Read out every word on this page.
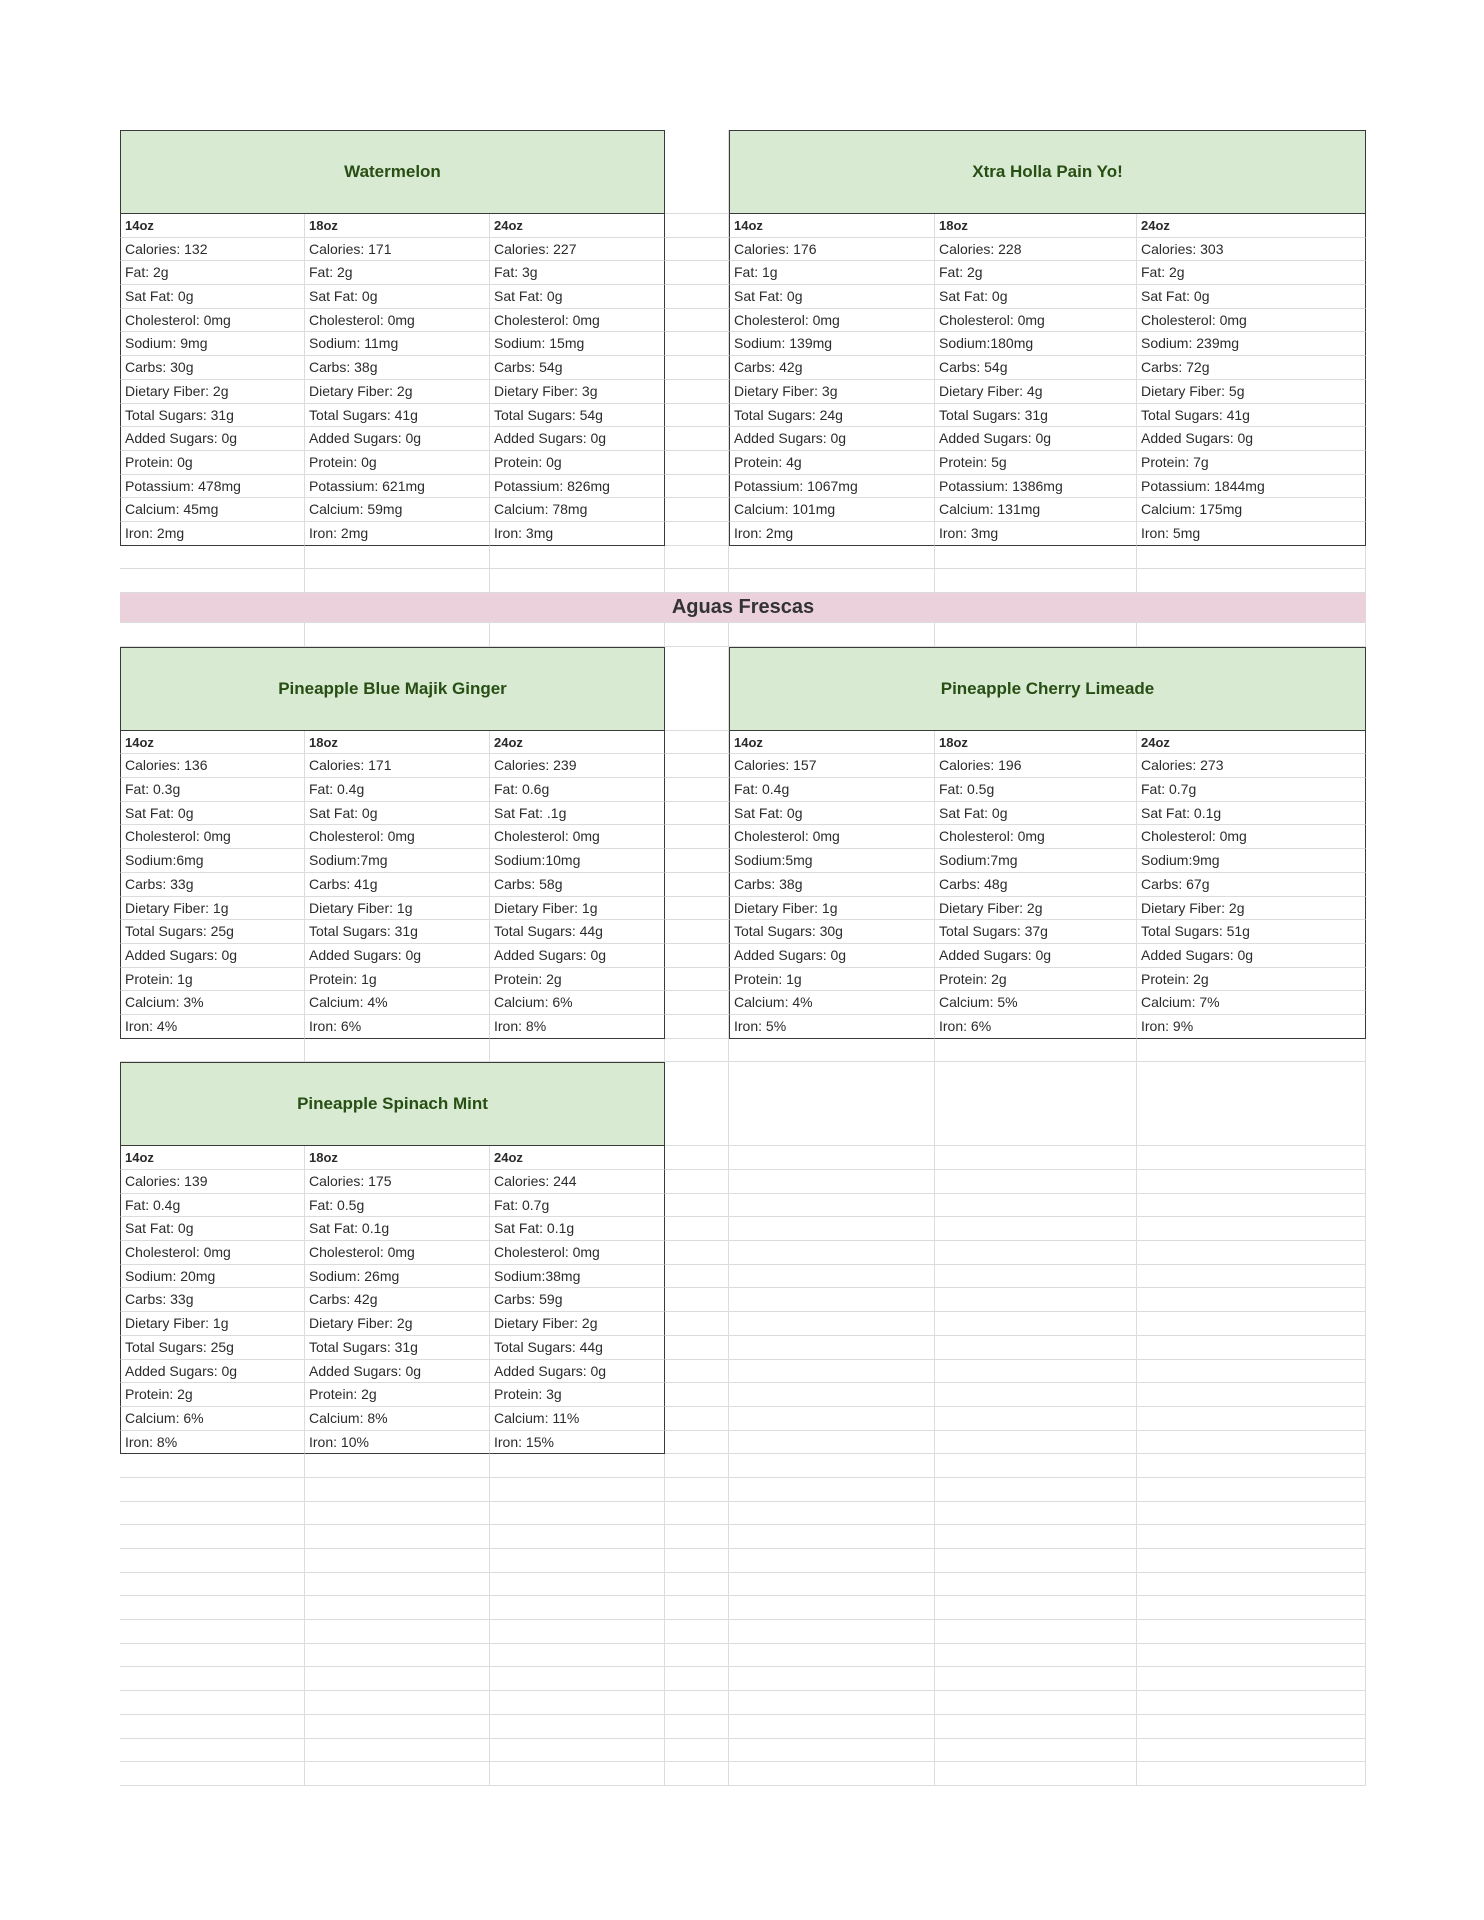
Watermelon	Xtra Holla Pain Yo!
14oz	18oz	24oz	14oz	18oz	24oz
Calories: 132	Calories: 171	Calories: 227	Calories: 176	Calories: 228	Calories: 303
Fat: 2g	Fat: 2g	Fat: 3g	Fat: 1g	Fat: 2g	Fat: 2g
Sat Fat: 0g	Sat Fat: 0g	Sat Fat: 0g	Sat Fat: 0g	Sat Fat: 0g	Sat Fat: 0g
Cholesterol: 0mg	Cholesterol: 0mg	Cholesterol: 0mg	Cholesterol: 0mg	Cholesterol: 0mg	Cholesterol: 0mg
Sodium: 9mg	Sodium: 11mg	Sodium: 15mg	Sodium: 139mg	Sodium:180mg	Sodium: 239mg
Carbs: 30g	Carbs: 38g	Carbs: 54g	Carbs: 42g	Carbs: 54g	Carbs: 72g
Dietary Fiber: 2g	Dietary Fiber: 2g	Dietary Fiber: 3g	Dietary Fiber: 3g	Dietary Fiber: 4g	Dietary Fiber: 5g
Total Sugars: 31g	Total Sugars: 41g	Total Sugars: 54g	Total Sugars: 24g	Total Sugars: 31g	Total Sugars: 41g
Added Sugars: 0g	Added Sugars: 0g	Added Sugars: 0g	Added Sugars: 0g	Added Sugars: 0g	Added Sugars: 0g
Protein: 0g	Protein: 0g	Protein: 0g	Protein: 4g	Protein: 5g	Protein: 7g
Potassium: 478mg	Potassium: 621mg	Potassium: 826mg	Potassium: 1067mg	Potassium: 1386mg	Potassium: 1844mg
Calcium: 45mg	Calcium: 59mg	Calcium: 78mg	Calcium: 101mg	Calcium: 131mg	Calcium: 175mg
Iron: 2mg	Iron: 2mg	Iron: 3mg	Iron: 2mg	Iron: 3mg	Iron: 5mg
Aguas Frescas
Pineapple Blue Majik Ginger	Pineapple Cherry Limeade
14oz	18oz	24oz	14oz	18oz	24oz
Calories: 136	Calories: 171	Calories: 239	Calories: 157	Calories: 196	Calories: 273
Fat: 0.3g	Fat: 0.4g	Fat: 0.6g	Fat: 0.4g	Fat: 0.5g	Fat: 0.7g
Sat Fat: 0g	Sat Fat: 0g	Sat Fat: .1g	Sat Fat: 0g	Sat Fat: 0g	Sat Fat: 0.1g
Cholesterol: 0mg	Cholesterol: 0mg	Cholesterol: 0mg	Cholesterol: 0mg	Cholesterol: 0mg	Cholesterol: 0mg
Sodium:6mg	Sodium:7mg	Sodium:10mg	Sodium:5mg	Sodium:7mg	Sodium:9mg
Carbs: 33g	Carbs: 41g	Carbs: 58g	Carbs: 38g	Carbs: 48g	Carbs: 67g
Dietary Fiber: 1g	Dietary Fiber: 1g	Dietary Fiber: 1g	Dietary Fiber: 1g	Dietary Fiber: 2g	Dietary Fiber: 2g
Total Sugars: 25g	Total Sugars: 31g	Total Sugars: 44g	Total Sugars: 30g	Total Sugars: 37g	Total Sugars: 51g
Added Sugars: 0g	Added Sugars: 0g	Added Sugars: 0g	Added Sugars: 0g	Added Sugars: 0g	Added Sugars: 0g
Protein: 1g	Protein: 1g	Protein: 2g	Protein: 1g	Protein: 2g	Protein: 2g
Calcium: 3%	Calcium: 4%	Calcium: 6%	Calcium: 4%	Calcium: 5%	Calcium: 7%
Iron: 4%	Iron: 6%	Iron: 8%	Iron: 5%	Iron: 6%	Iron: 9%
Pineapple Spinach Mint
14oz	18oz	24oz
Calories: 139	Calories: 175	Calories: 244
Fat: 0.4g	Fat: 0.5g	Fat: 0.7g
Sat Fat: 0g	Sat Fat: 0.1g	Sat Fat: 0.1g
Cholesterol: 0mg	Cholesterol: 0mg	Cholesterol: 0mg
Sodium: 20mg	Sodium: 26mg	Sodium:38mg
Carbs: 33g	Carbs: 42g	Carbs: 59g
Dietary Fiber: 1g	Dietary Fiber: 2g	Dietary Fiber: 2g
Total Sugars: 25g	Total Sugars: 31g	Total Sugars: 44g
Added Sugars: 0g	Added Sugars: 0g	Added Sugars: 0g
Protein: 2g	Protein: 2g	Protein: 3g
Calcium: 6%	Calcium: 8%	Calcium: 11%
Iron: 8%	Iron: 10%	Iron: 15%
